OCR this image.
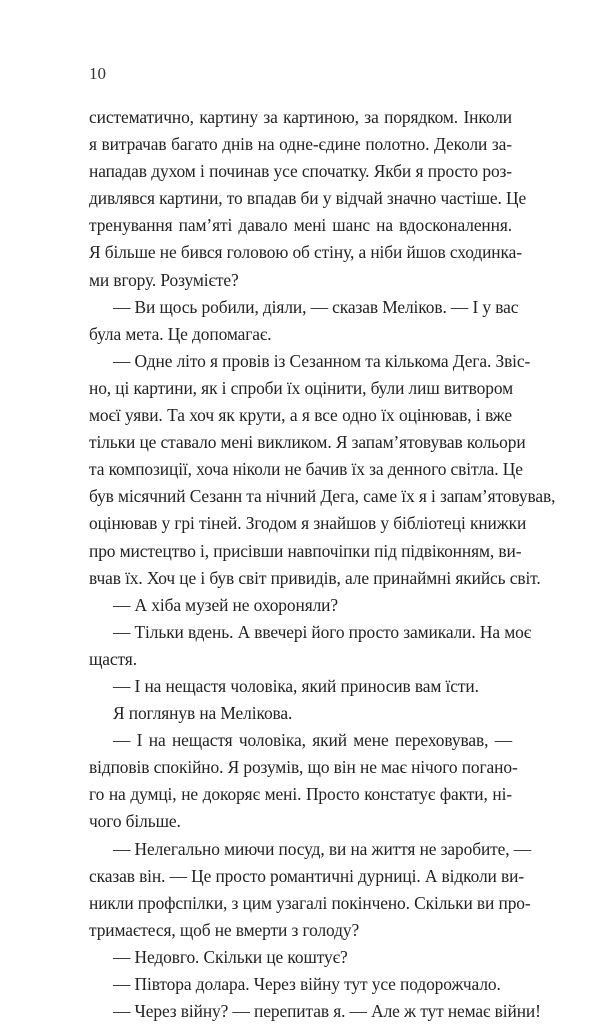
10
систематично, картину за картиною, за порядком. Інколи
я витрачав багато днів на одне-єдине полотно. Деколи за-
нападав духом і починав усе спочатку. Якби я просто роз-
дивлявся картини, то впадав би у відчай значно частіше. Це
тренування пам’яті давало мені шанс на вдосконалення.
Я більше не бився головою об стіну, а ніби йшов сходинка-
ми вгору. Розумієте?
— Ви щось робили, діяли, — сказав Меліков. — І у вас
була мета. Це допомагає.
— Одне літо я провів із Сезанном та кількома Дега. Звіс-
но, ці картини, як і спроби їх оцінити, були лиш витвором
моєї уяви. Та хоч як крути, а я все одно їх оцінював, і вже
тільки це ставало мені викликом. Я запам’ятовував кольори
та композиції, хоча ніколи не бачив їх за денного світла. Це
був місячний Сезанн та нічний Дега, саме їх я і запам’ятовував,
оцінював у грі тіней. Згодом я знайшов у бібліотеці книжки
про мистецтво і, присівши навпочіпки під підвіконням, ви-
вчав їх. Хоч це і був світ привидів, але принаймні якийсь світ.
— А хіба музей не охороняли?
— Тільки вдень. А ввечері його просто замикали. На моє
щастя.
— І на нещастя чоловіка, який приносив вам їсти.
Я поглянув на Мелікова.
— І на нещастя чоловіка, який мене переховував, —
відповів спокійно. Я розумів, що він не має нічого погано-
го на думці, не докоряє мені. Просто констатує факти, ні-
чого більше.
— Нелегально миючи посуд, ви на життя не заробите, —
сказав він. — Це просто романтичні дурниці. А відколи ви-
никли профспілки, з цим узагалі покінчено. Скільки ви про-
тримаєтеся, щоб не вмерти з голоду?
— Недовго. Скільки це коштує?
— Півтора долара. Через війну тут усе подорожчало.
— Через війну? — перепитав я. — Але ж тут немає війни!
